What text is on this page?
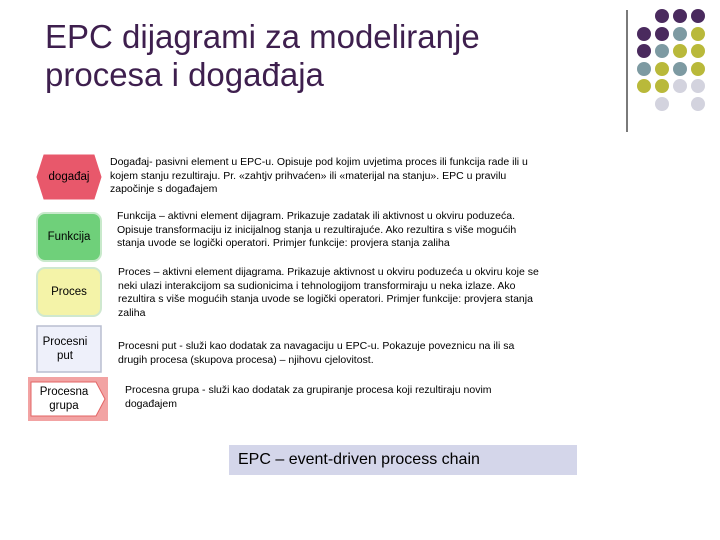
EPC dijagrami za modeliranje
procesa i događaja
događaj
Događaj- pasivni element u EPC-u. Opisuje pod kojim uvjetima proces ili funkcija rade ili u
kojem stanju rezultiraju. Pr. «zahtjv prihvaćen» ili «materijal na stanju». EPC u pravilu
započinje s događajem
Funkcija
Funkcija – aktivni element dijagram. Prikazuje zadatak ili aktivnost u okviru poduzeća.
Opisuje transformaciju iz inicijalnog stanja u rezultirajuće. Ako rezultira s više mogućih
stanja uvode se logički operatori. Primjer funkcije: provjera stanja zaliha
Proces
Proces – aktivni element dijagrama. Prikazuje aktivnost u okviru poduzeća u okviru koje se
neki ulazi interakcijom sa sudionicima i tehnologijom transformiraju u neka izlaze. Ako
rezultira s više mogućih stanja uvode se logički operatori. Primjer funkcije: provjera stanja
zaliha
Procesni put
Procesni put - služi kao dodatak za navagaciju u EPC-u. Pokazuje poveznicu na ili sa
drugih procesa (skupova procesa) – njihovu cjelovitost.
Procesna grupa
Procesna grupa - služi kao dodatak za grupiranje procesa koji rezultiraju novim
događajem
EPC – event-driven process chain
